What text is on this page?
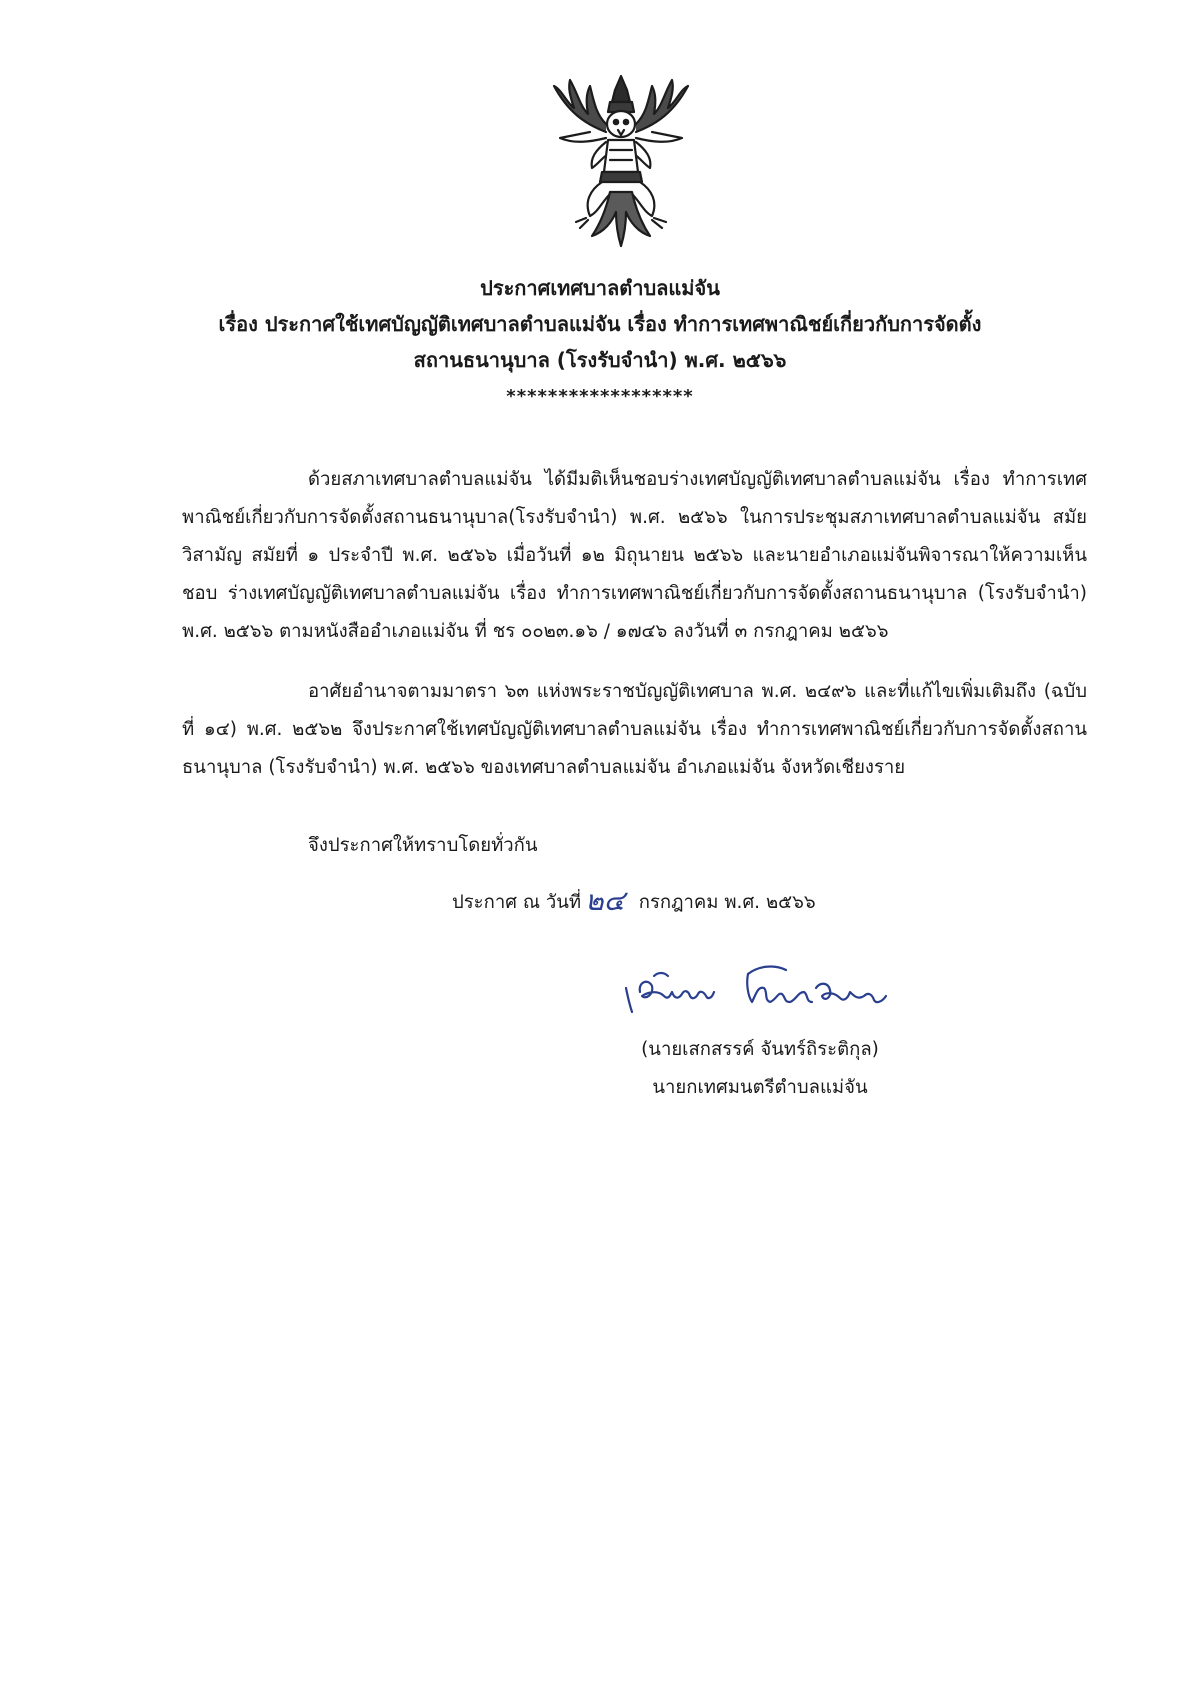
ประกาศเทศบาลตำบลแม่จัน
เรื่อง ประกาศใช้เทศบัญญัติเทศบาลตำบลแม่จัน เรื่อง ทำการเทศพาณิชย์เกี่ยวกับการจัดตั้ง
สถานธนานุบาล (โรงรับจำนำ) พ.ศ. ๒๕๖๖
******************
ด้วยสภาเทศบาลตำบลแม่จัน ได้มีมติเห็นชอบร่างเทศบัญญัติเทศบาลตำบลแม่จัน เรื่อง ทำการเทศพาณิชย์เกี่ยวกับการจัดตั้งสถานธนานุบาล(โรงรับจำนำ) พ.ศ. ๒๕๖๖ ในการประชุมสภาเทศบาลตำบลแม่จัน สมัยวิสามัญ สมัยที่ ๑ ประจำปี พ.ศ. ๒๕๖๖ เมื่อวันที่ ๑๒ มิถุนายน ๒๕๖๖ และนายอำเภอแม่จันพิจารณาให้ความเห็นชอบ ร่างเทศบัญญัติเทศบาลตำบลแม่จัน เรื่อง ทำการเทศพาณิชย์เกี่ยวกับการจัดตั้งสถานธนานุบาล (โรงรับจำนำ) พ.ศ. ๒๕๖๖ ตามหนังสืออำเภอแม่จัน ที่ ชร ๐๐๒๓.๑๖ / ๑๗๔๖ ลงวันที่ ๓ กรกฎาคม ๒๕๖๖
อาศัยอำนาจตามมาตรา ๖๓ แห่งพระราชบัญญัติเทศบาล พ.ศ. ๒๔๙๖ และที่แก้ไขเพิ่มเติมถึง (ฉบับที่ ๑๔) พ.ศ. ๒๕๖๒ จึงประกาศใช้เทศบัญญัติเทศบาลตำบลแม่จัน เรื่อง ทำการเทศพาณิชย์เกี่ยวกับการจัดตั้งสถานธนานุบาล (โรงรับจำนำ) พ.ศ. ๒๕๖๖ ของเทศบาลตำบลแม่จัน อำเภอแม่จัน จังหวัดเชียงราย
จึงประกาศให้ทราบโดยทั่วกัน
ประกาศ ณ วันที่ ๒๔ กรกฎาคม พ.ศ. ๒๕๖๖
(นายเสกสรรค์ จันทร์ถิระติกุล)
นายกเทศมนตรีตำบลแม่จัน
